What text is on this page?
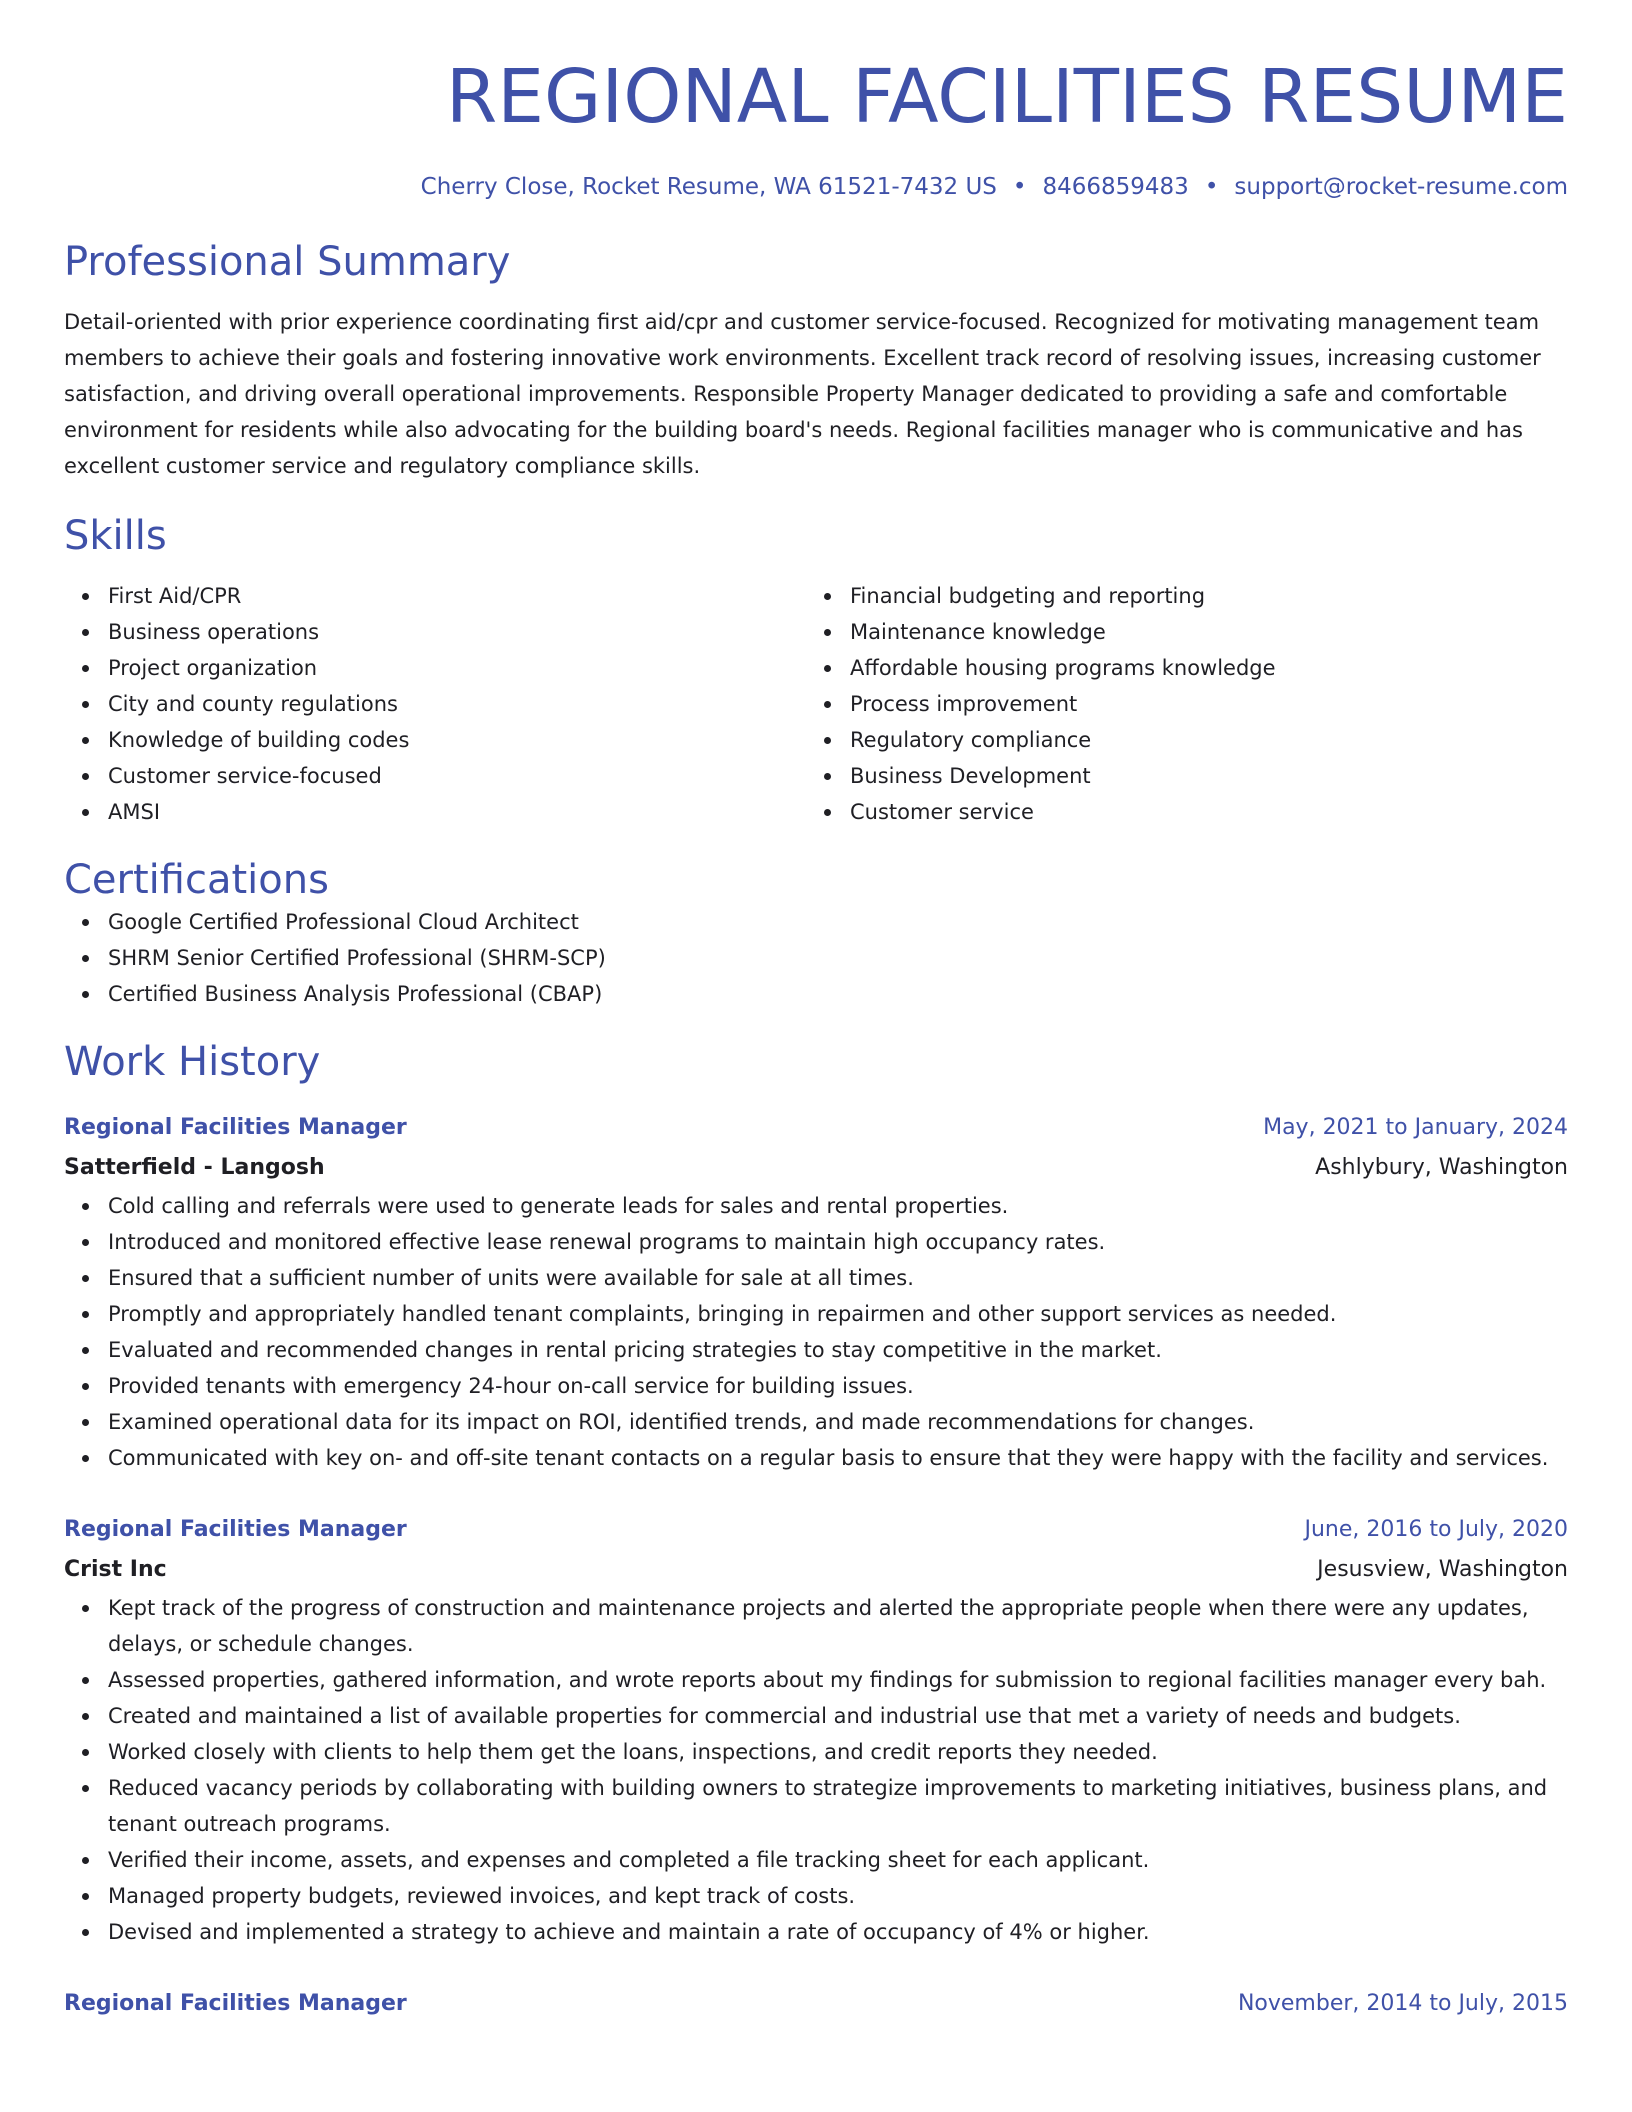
REGIONAL FACILITIES RESUME
Cherry Close, Rocket Resume, WA 61521-7432 US • 8466859483 • support@rocket-resume.com
Professional Summary

Detail-oriented with prior experience coordinating first aid/cpr and customer service-focused. Recognized for motivating management team members to achieve their goals and fostering innovative work environments. Excellent track record of resolving issues, increasing customer satisfaction, and driving overall operational improvements. Responsible Property Manager dedicated to providing a safe and comfortable environment for residents while also advocating for the building board's needs. Regional facilities manager who is communicative and has excellent customer service and regulatory compliance skills.

Skills
First Aid/CPR
Business operations
Project organization
City and county regulations
Knowledge of building codes
Customer service-focused
AMSI
Financial budgeting and reporting
Maintenance knowledge
Affordable housing programs knowledge
Process improvement
Regulatory compliance
Business Development
Customer service
Certifications
Google Certified Professional Cloud Architect
SHRM Senior Certified Professional (SHRM-SCP)
Certified Business Analysis Professional (CBAP)
Work History
Regional Facilities Manager	May, 2021 to January, 2024
Satterfield - Langosh	Ashlybury, Washington
Cold calling and referrals were used to generate leads for sales and rental properties.
Introduced and monitored effective lease renewal programs to maintain high occupancy rates.
Ensured that a sufficient number of units were available for sale at all times.
Promptly and appropriately handled tenant complaints, bringing in repairmen and other support services as needed.
Evaluated and recommended changes in rental pricing strategies to stay competitive in the market.
Provided tenants with emergency 24-hour on-call service for building issues.
Examined operational data for its impact on ROI, identified trends, and made recommendations for changes.
Communicated with key on- and off-site tenant contacts on a regular basis to ensure that they were happy with the facility and services.
Regional Facilities Manager	June, 2016 to July, 2020
Crist Inc	Jesusview, Washington
Kept track of the progress of construction and maintenance projects and alerted the appropriate people when there were any updates, delays, or schedule changes.
Assessed properties, gathered information, and wrote reports about my findings for submission to regional facilities manager every bah.
Created and maintained a list of available properties for commercial and industrial use that met a variety of needs and budgets.
Worked closely with clients to help them get the loans, inspections, and credit reports they needed.
Reduced vacancy periods by collaborating with building owners to strategize improvements to marketing initiatives, business plans, and tenant outreach programs.
Verified their income, assets, and expenses and completed a file tracking sheet for each applicant.
Managed property budgets, reviewed invoices, and kept track of costs.
Devised and implemented a strategy to achieve and maintain a rate of occupancy of 4% or higher.
Regional Facilities Manager	November, 2014 to July, 2015
